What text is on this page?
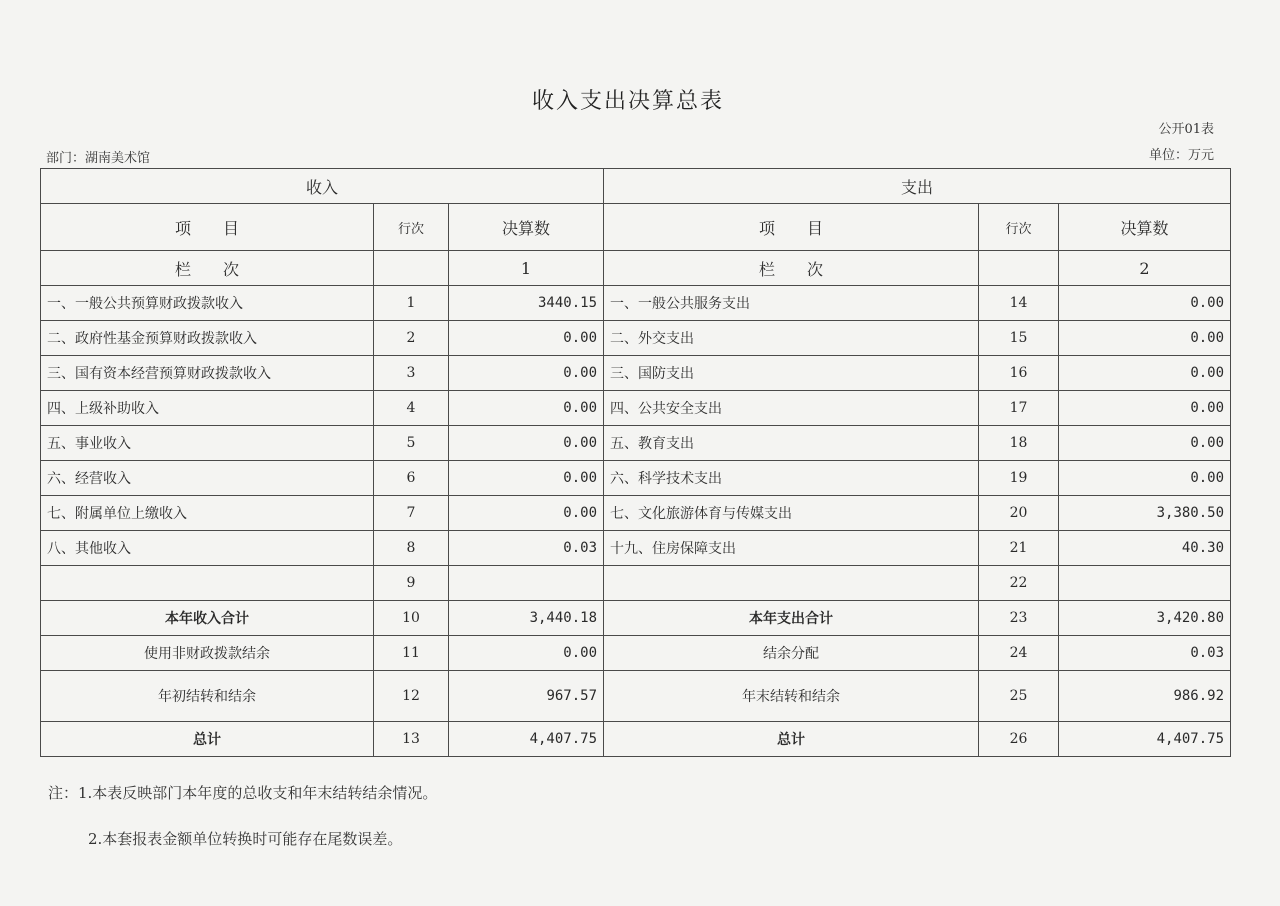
收入支出决算总表
公开01表
部门：湖南美术馆	单位：万元
收入			支出		
项　　目	行次	决算数	项　　目	行次	决算数
栏　　次		1	栏　　次		2
一、一般公共预算财政拨款收入	1	3440.15	一、一般公共服务支出	14	0.00
二、政府性基金预算财政拨款收入	2	0.00	二、外交支出	15	0.00
三、国有资本经营预算财政拨款收入	3	0.00	三、国防支出	16	0.00
四、上级补助收入	4	0.00	四、公共安全支出	17	0.00
五、事业收入	5	0.00	五、教育支出	18	0.00
六、经营收入	6	0.00	六、科学技术支出	19	0.00
七、附属单位上缴收入	7	0.00	七、文化旅游体育与传媒支出	20	3,380.50
八、其他收入	8	0.03	十九、住房保障支出	21	40.30
	9			22	
本年收入合计	10	3,440.18	本年支出合计	23	3,420.80
使用非财政拨款结余	11	0.00	结余分配	24	0.03
年初结转和结余	12	967.57	年末结转和结余	25	986.92
总计	13	4,407.75	总计	26	4,407.75
注：1.本表反映部门本年度的总收支和年末结转结余情况。
2.本套报表金额单位转换时可能存在尾数误差。
